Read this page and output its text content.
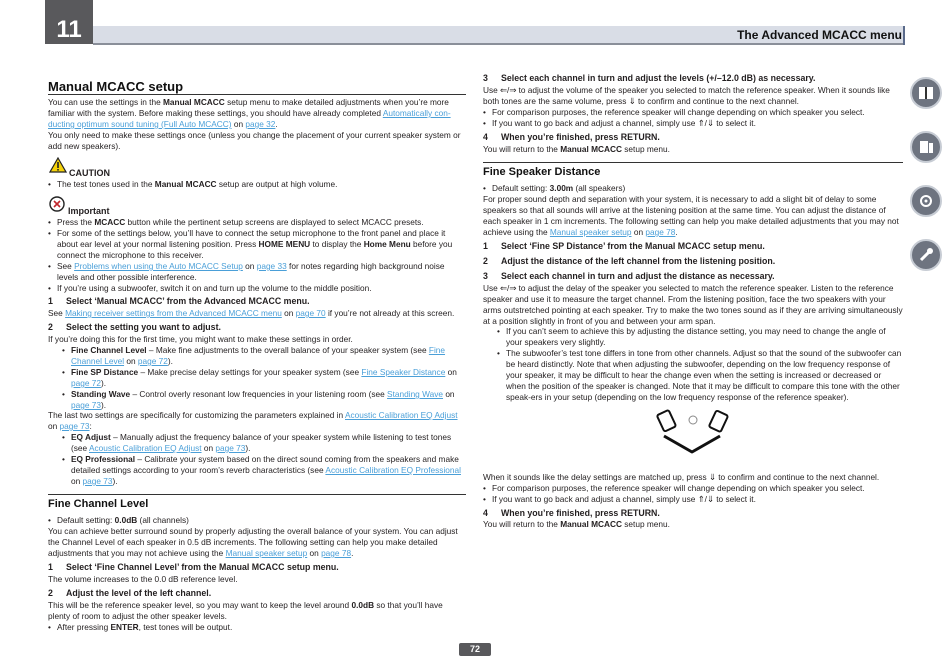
11	The Advanced MCACC menu
Manual MCACC setup
You can use the settings in the Manual MCACC setup menu to make detailed adjustments when you’re more familiar with the system. Before making these settings, you should have already completed Automatically con-ducting optimum sound tuning (Full Auto MCACC) on page 32.
You only need to make these settings once (unless you change the placement of your current speaker system or add new speakers).
CAUTION
• The test tones used in the Manual MCACC setup are output at high volume.
Important
• Press the MCACC button while the pertinent setup screens are displayed to select MCACC presets.
• For some of the settings below, you’ll have to connect the setup microphone to the front panel and place it about ear level at your normal listening position. Press HOME MENU to display the Home Menu before you connect the microphone to this receiver.
• See Problems when using the Auto MCACC Setup on page 33 for notes regarding high background noise levels and other possible interference.
• If you’re using a subwoofer, switch it on and turn up the volume to the middle position.
1 Select ‘Manual MCACC’ from the Advanced MCACC menu.
See Making receiver settings from the Advanced MCACC menu on page 70 if you’re not already at this screen.
2 Select the setting you want to adjust.
If you’re doing this for the first time, you might want to make these settings in order.
• Fine Channel Level – Make fine adjustments to the overall balance of your speaker system (see Fine Channel Level on page 72).
• Fine SP Distance – Make precise delay settings for your speaker system (see Fine Speaker Distance on page 72).
• Standing Wave – Control overly resonant low frequencies in your listening room (see Standing Wave on page 73).
The last two settings are specifically for customizing the parameters explained in Acoustic Calibration EQ Adjust on page 73:
• EQ Adjust – Manually adjust the frequency balance of your speaker system while listening to test tones (see Acoustic Calibration EQ Adjust on page 73).
• EQ Professional – Calibrate your system based on the direct sound coming from the speakers and make detailed settings according to your room’s reverb characteristics (see Acoustic Calibration EQ Professional on page 73).
Fine Channel Level
• Default setting: 0.0dB (all channels)
You can achieve better surround sound by properly adjusting the overall balance of your system. You can adjust the Channel Level of each speaker in 0.5 dB increments. The following setting can help you make detailed adjustments that you may not achieve using the Manual speaker setup on page 78.
1 Select ‘Fine Channel Level’ from the Manual MCACC setup menu.
The volume increases to the 0.0 dB reference level.
2 Adjust the level of the left channel.
This will be the reference speaker level, so you may want to keep the level around 0.0dB so that you’ll have plenty of room to adjust the other speaker levels.
• After pressing ENTER, test tones will be output.
3 Select each channel in turn and adjust the levels (+/–12.0 dB) as necessary.
Use ⇐/⇒ to adjust the volume of the speaker you selected to match the reference speaker. When it sounds like both tones are the same volume, press ⇓ to confirm and continue to the next channel.
• For comparison purposes, the reference speaker will change depending on which speaker you select.
• If you want to go back and adjust a channel, simply use ⇑/⇓ to select it.
4 When you’re finished, press RETURN.
You will return to the Manual MCACC setup menu.
Fine Speaker Distance
• Default setting: 3.00m (all speakers)
For proper sound depth and separation with your system, it is necessary to add a slight bit of delay to some speakers so that all sounds will arrive at the listening position at the same time. You can adjust the distance of each speaker in 1 cm increments. The following setting can help you make detailed adjustments that you may not achieve using the Manual speaker setup on page 78.
1 Select ‘Fine SP Distance’ from the Manual MCACC setup menu.
2 Adjust the distance of the left channel from the listening position.
3 Select each channel in turn and adjust the distance as necessary.
Use ⇐/⇒ to adjust the delay of the speaker you selected to match the reference speaker. Listen to the reference speaker and use it to measure the target channel. From the listening position, face the two speakers with your arms outstretched pointing at each speaker. Try to make the two tones sound as if they are arriving simultaneously at a position slightly in front of you and between your arm span.
• If you can’t seem to achieve this by adjusting the distance setting, you may need to change the angle of your speakers very slightly.
• The subwoofer’s test tone differs in tone from other channels. Adjust so that the sound of the subwoofer can be heard distinctly. Note that when adjusting the subwoofer, depending on the low frequency response of your speaker, it may be difficult to hear the change even when the setting is increased or decreased or when the position of the speaker is changed. Note that it may be difficult to compare this tone with the other speak-ers in your setup (depending on the low frequency response of the reference speaker).
When it sounds like the delay settings are matched up, press ⇓ to confirm and continue to the next channel.
• For comparison purposes, the reference speaker will change depending on which speaker you select.
• If you want to go back and adjust a channel, simply use ⇑/⇓ to select it.
4 When you’re finished, press RETURN.
You will return to the Manual MCACC setup menu.
72
